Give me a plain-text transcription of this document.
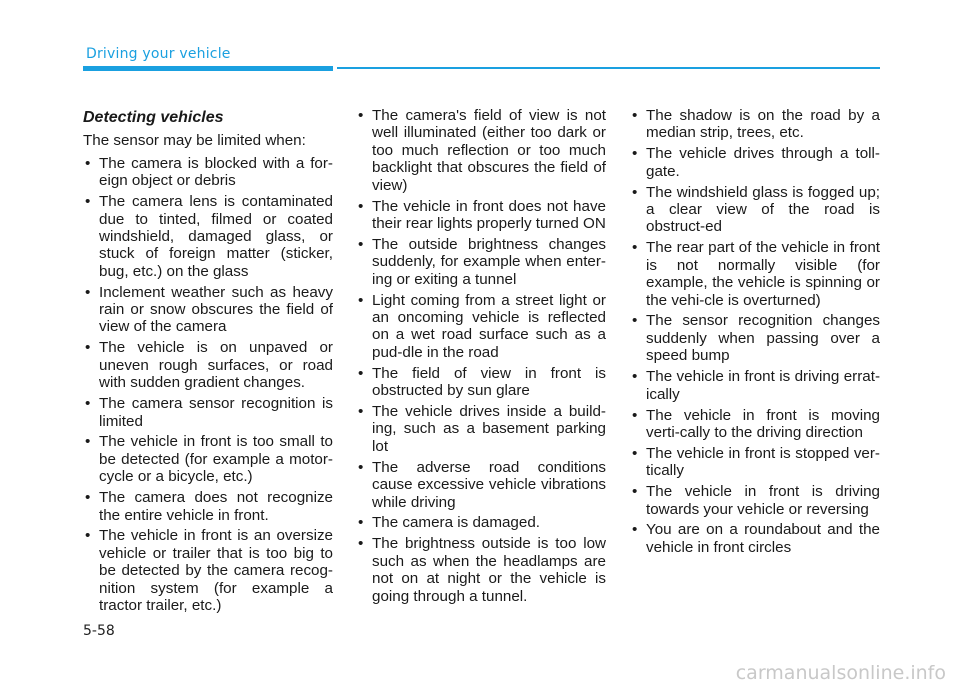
Driving your vehicle
Detecting vehicles
The sensor may be limited when:
• The camera is blocked with a for-eign object or debris
• The camera lens is contaminated due to tinted, filmed or coated windshield, damaged glass, or stuck of foreign matter (sticker, bug, etc.) on the glass
• Inclement weather such as heavy rain or snow obscures the field of view of the camera
• The vehicle is on unpaved or uneven rough surfaces, or road with sudden gradient changes.
• The camera sensor recognition is limited
• The vehicle in front is too small to be detected (for example a motor-cycle or a bicycle, etc.)
• The camera does not recognize the entire vehicle in front.
• The vehicle in front is an oversize vehicle or trailer that is too big to be detected by the camera recog-nition system (for example a tractor trailer, etc.)
• The camera's field of view is not well illuminated (either too dark or too much reflection or too much backlight that obscures the field of view)
• The vehicle in front does not have their rear lights properly turned ON
• The outside brightness changes suddenly, for example when enter-ing or exiting a tunnel
• Light coming from a street light or an oncoming vehicle is reflected on a wet road surface such as a pud-dle in the road
• The field of view in front is obstructed by sun glare
• The vehicle drives inside a build-ing, such as a basement parking lot
• The adverse road conditions cause excessive vehicle vibrations while driving
• The camera is damaged.
• The brightness outside is too low such as when the headlamps are not on at night or the vehicle is going through a tunnel.
• The shadow is on the road by a median strip, trees, etc.
• The vehicle drives through a toll-gate.
• The windshield glass is fogged up; a clear view of the road is obstruct-ed
• The rear part of the vehicle in front is not normally visible (for example, the vehicle is spinning or the vehi-cle is overturned)
• The sensor recognition changes suddenly when passing over a speed bump
• The vehicle in front is driving errat-ically
• The vehicle in front is moving verti-cally to the driving direction
• The vehicle in front is stopped ver-tically
• The vehicle in front is driving towards your vehicle or reversing
• You are on a roundabout and the vehicle in front circles
5-58
carmanualsonline.info
